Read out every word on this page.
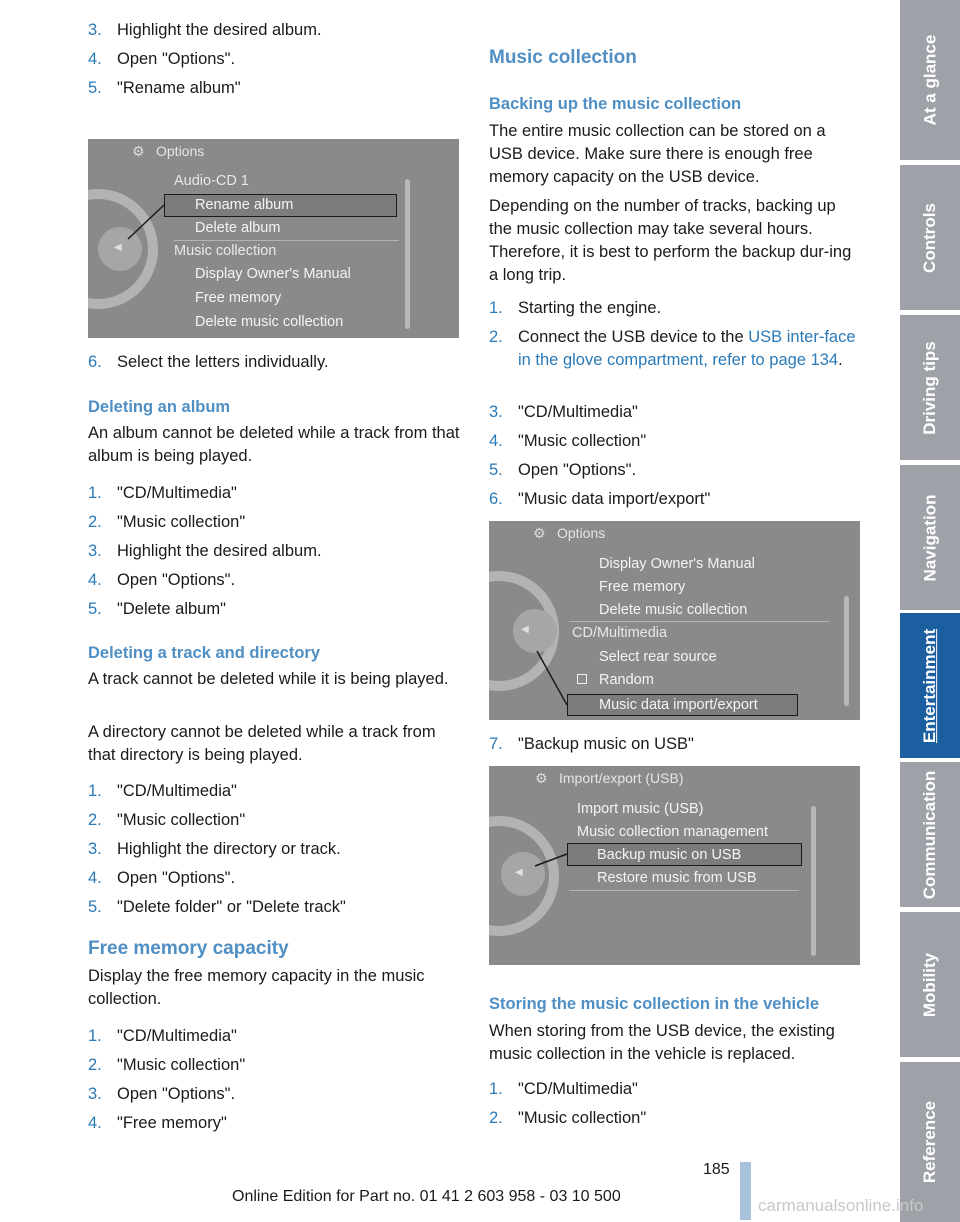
3. Highlight the desired album.
4. Open "Options".
5. "Rename album"
◀
⚙ Options
Audio-CD 1
Rename album
Delete album
Music collection
Display Owner's Manual
Free memory
Delete music collection
6. Select the letters individually.
Deleting an album
An album cannot be deleted while a track from that album is being played.
1. "CD/Multimedia"
2. "Music collection"
3. Highlight the desired album.
4. Open "Options".
5. "Delete album"
Deleting a track and directory
A track cannot be deleted while it is being played.
A directory cannot be deleted while a track from that directory is being played.
1. "CD/Multimedia"
2. "Music collection"
3. Highlight the directory or track.
4. Open "Options".
5. "Delete folder" or "Delete track"
Free memory capacity
Display the free memory capacity in the music collection.
1. "CD/Multimedia"
2. "Music collection"
3. Open "Options".
4. "Free memory"
Music collection
Backing up the music collection
The entire music collection can be stored on a USB device. Make sure there is enough free memory capacity on the USB device.
Depending on the number of tracks, backing up the music collection may take several hours. Therefore, it is best to perform the backup dur-ing a long trip.
1. Starting the engine.
2. Connect the USB device to the USB inter-face in the glove compartment, refer to page 134.
3. "CD/Multimedia"
4. "Music collection"
5. Open "Options".
6. "Music data import/export"
◀
⚙ Options
Display Owner's Manual
Free memory
Delete music collection
CD/Multimedia
Select rear source
Random
Music data import/export
7. "Backup music on USB"
◀
⚙ Import/export (USB)
Import music (USB)
Music collection management
Backup music on USB
Restore music from USB
Storing the music collection in the vehicle
When storing from the USB device, the existing music collection in the vehicle is replaced.
1. "CD/Multimedia"
2. "Music collection"
At a glance
Controls
Driving tips
Navigation
Entertainment
Communication
Mobility
Reference
185
Online Edition for Part no. 01 41 2 603 958 - 03 10 500	carmanualsonline.info
